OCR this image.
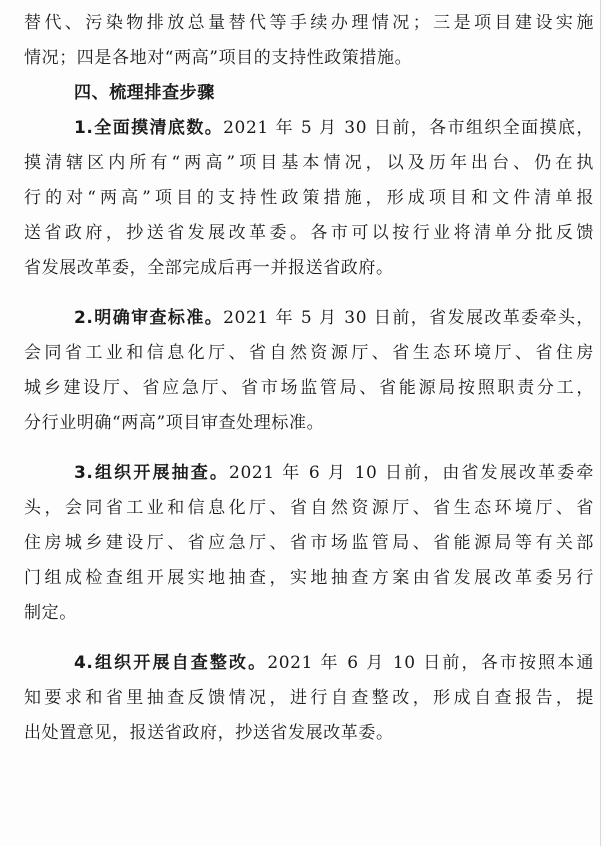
替代、污染物排放总量替代等手续办理情况；三是项目建设实施
情况；四是各地对“两高”项目的支持性政策措施。
四、梳理排查步骤
1.全面摸清底数。2021 年 5 月 30 日前，各市组织全面摸底，
摸清辖区内所有“两高”项目基本情况，以及历年出台、仍在执
行的对“两高”项目的支持性政策措施，形成项目和文件清单报
送省政府，抄送省发展改革委。各市可以按行业将清单分批反馈
省发展改革委，全部完成后再一并报送省政府。
2.明确审查标准。2021 年 5 月 30 日前，省发展改革委牵头，
会同省工业和信息化厅、省自然资源厅、省生态环境厅、省住房
城乡建设厅、省应急厅、省市场监管局、省能源局按照职责分工，
分行业明确“两高”项目审查处理标准。
3.组织开展抽查。2021 年 6 月 10 日前，由省发展改革委牵
头，会同省工业和信息化厅、省自然资源厅、省生态环境厅、省
住房城乡建设厅、省应急厅、省市场监管局、省能源局等有关部
门组成检查组开展实地抽查，实地抽查方案由省发展改革委另行
制定。
4.组织开展自查整改。2021 年 6 月 10 日前，各市按照本通
知要求和省里抽查反馈情况，进行自查整改，形成自查报告，提
出处置意见，报送省政府，抄送省发展改革委。
